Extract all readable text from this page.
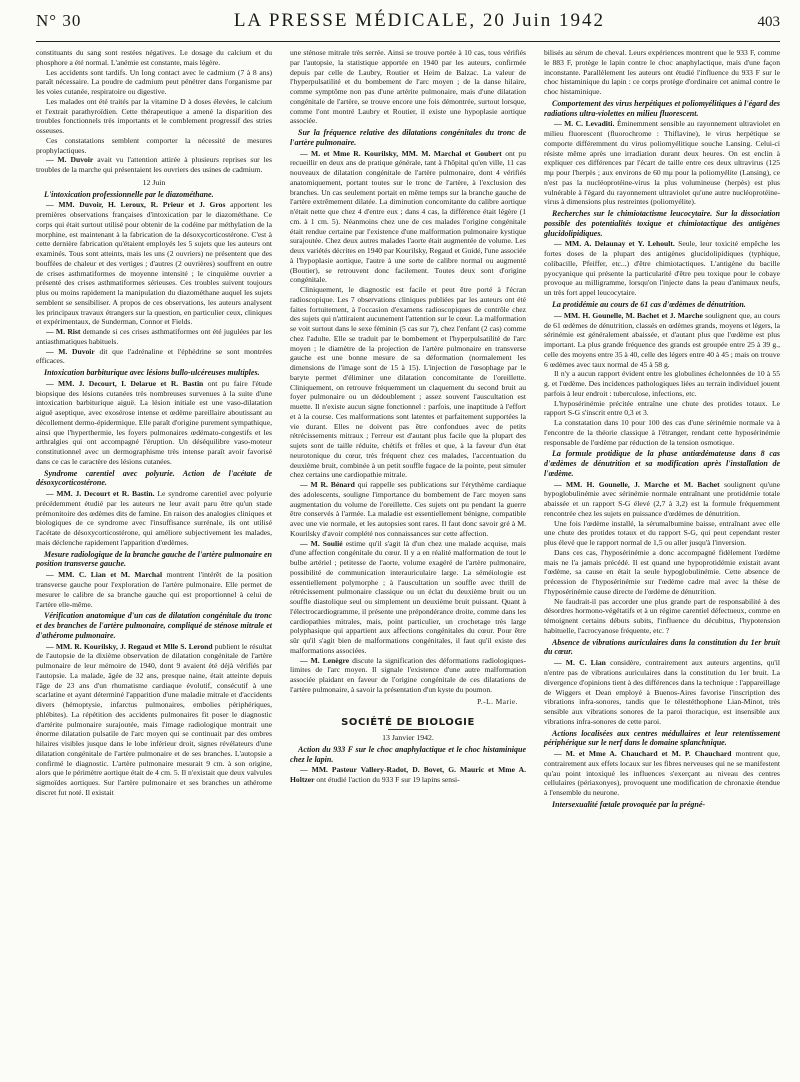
N° 30	LA PRESSE MÉDICALE, 20 Juin 1942	403

constituants du sang sont restées négatives. Le dosage du calcium et du phosphore a été normal. L'anémie est constante, mais légère.

Les accidents sont tardifs. Un long contact avec le cadmium (7 à 8 ans) paraît nécessaire. La poudre de cadmium peut pénétrer dans l'organisme par les voies cutanée, respiratoire ou digestive.

Les malades ont été traités par la vitamine D à doses élevées, le calcium et l'extrait parathyroïdien. Cette thérapeutique a amené la disparition des troubles fonctionnels très importants et le comblement progressif des stries osseuses.

Ces constatations semblent comporter la nécessité de mesures prophylactiques.

— M. Duvoir avait vu l'attention attirée à plusieurs reprises sur les troubles de la marche qui présentaient les ouvriers des usines de cadmium.

12 Juin
L'intoxication professionnelle par le diazométhane.

— MM. Duvoir, H. Leroux, R. Prieur et J. Gros apportent les premières observations françaises d'intoxication par le diazométhane. Ce corps qui était surtout utilisé pour obtenir de la codéine par méthylation de la morphine, est maintenant à la fabrication de la désoxycorticostérone. C'est à cette dernière fabrication qu'étaient employés les 5 sujets que les auteurs ont examinés. Tous sont atteints, mais les uns (2 ouvriers) ne présentent que des bouffées de chaleur et des vertiges ; d'autres (2 ouvrières) souffrent en outre de crises asthmatiformes de moyenne intensité ; le cinquième ouvrier a présenté des crises asthmatiformes sérieuses. Ces troubles suivent toujours plus ou moins rapidement la manipulation du diazométhane auquel les sujets semblent se sensibiliser. A propos de ces observations, les auteurs analysent les principaux travaux étrangers sur la question, en particulier ceux, cliniques et expérimentaux, de Sunderman, Connor et Fields.

— M. Rist demande si ces crises asthmatiformes ont été jugulées par les antiasthmatiques habituels.

— M. Duvoir dit que l'adrénaline et l'éphédrine se sont montrées efficaces.

Intoxication barbiturique avec lésions bullo-ulcéreuses multiples.

— MM. J. Decourt, I. Delarue et R. Bastin ont pu faire l'étude biopsique des lésions cutanées très nombreuses survenues à la suite d'une intoxication barbiturique aiguë. La lésion initiale est une vaso-dilatation aiguë aseptique, avec exosérose intense et œdème pareillaire aboutissant au décollement dermo-épidermique. Elle paraît d'origine purement sympathique, ainsi que l'hyperthermie, les foyers pulmonaires œdémato-congestifs et les arthralgies qui ont accompagné l'éruption. Un déséquilibre vaso-moteur constitutionnel avec un dermographisme très intense paraît avoir favorisé dans ce cas le caractère des lésions cutanées.

Syndrome carentiel avec polyurie. Action de l'acétate de désoxycorticostérone.

— MM. J. Decourt et R. Bastin. Le syndrome carentiel avec polyurie précédemment étudié par les auteurs ne leur avait paru être qu'un stade prémonitoire des œdèmes dits de famine. En raison des analogies cliniques et biologiques de ce syndrome avec l'insuffisance surrénale, ils ont utilisé l'acétate de désoxycorticostérone, qui améliore subjectivement les malades, mais déclenche rapidement l'apparition d'œdèmes.

Mesure radiologique de la branche gauche de l'artère pulmonaire en position transverse gauche.

— MM. C. Lian et M. Marchal montrent l'intérêt de la position transverse gauche pour l'exploration de l'artère pulmonaire. Elle permet de mesurer le calibre de sa branche gauche qui est proportionnel à celui de l'artère elle-même.

Vérification anatomique d'un cas de dilatation congénitale du tronc et des branches de l'artère pulmonaire, compliqué de sténose mitrale et d'athérome pulmonaire.

— MM. R. Kourilsky, J. Regaud et Mlle S. Lerond publient le résultat de l'autopsie de la dixième observation de dilatation congénitale de l'artère pulmonaire de leur mémoire de 1940, dont 9 avaient été déjà vérifiés par l'autopsie. La malade, âgée de 32 ans, presque naine, était atteinte depuis l'âge de 23 ans d'un rhumatisme cardiaque évolutif, consécutif à une scarlatine et ayant déterminé l'apparition d'une maladie mitrale et d'accidents divers (hémoptysie, infarctus pulmonaires, embolies périphériques, phlébites). La répétition des accidents pulmonaires fit poser le diagnostic d'artérite pulmonaire surajoutée, mais l'image radiologique montrait une énorme dilatation pulsatile de l'arc moyen qui se continuait par des ombres hilaires visibles jusque dans le lobe inférieur droit, signes révélateurs d'une dilatation congénitale de l'artère pulmonaire et de ses branches. L'autopsie a confirmé le diagnostic. L'artère pulmonaire mesurait 9 cm. à son origine, alors que le périmètre aortique était de 4 cm. 5. Il n'existait que deux valvules sigmoïdes aortiques. Sur l'artère pulmonaire et ses branches un athérome discret fut noté. Il existait

une sténose mitrale très serrée. Ainsi se trouve portée à 10 cas, tous vérifiés par l'autopsie, la statistique apportée en 1940 par les auteurs, confirmée depuis par celle de Laubry, Routier et Heim de Balzac. La valeur de l'hyperpulsatilité et du bombement de l'arc moyen ; de la danse hilaire, comme symptôme non pas d'une artérite pulmonaire, mais d'une dilatation congénitale de l'artère, se trouve encore une fois démontrée, surtout lorsque, comme l'ont montré Laubry et Routier, il existe une hypoplasie aortique associée.

Sur la fréquence relative des dilatations congénitales du tronc de l'artère pulmonaire.

— M. et Mme R. Kourilsky, MM. M. Marchal et Goubert ont pu recueillir en deux ans de pratique générale, tant à l'hôpital qu'en ville, 11 cas nouveaux de dilatation congénitale de l'artère pulmonaire, dont 4 vérifiés anatomiquement, portant toutes sur le tronc de l'artère, à l'exclusion des branches. Un cas seulement portait en même temps sur la branche gauche de l'artère extrêmement dilatée. La diminution concomitante du calibre aortique n'était nette que chez 4 d'entre eux ; dans 4 cas, la différence était légère (1 cm. à 1 cm. 5). Néanmoins chez une de ces malades l'origine congénitale était rendue certaine par l'existence d'une malformation pulmonaire kystique surajoutée. Chez deux autres malades l'aorte était augmentée de volume. Les deux variétés décrites en 1940 par Kourilsky, Regaud et Guidé, l'une associée à l'hypoplasie aortique, l'autre à une sorte de calibre normal ou augmenté (Boutier), se retrouvent donc facilement. Toutes deux sont d'origine congénitale.

Cliniquement, le diagnostic est facile et peut être porté à l'écran radioscopique. Les 7 observations cliniques publiées par les auteurs ont été faites fortuitement, à l'occasion d'examens radioscopiques de contrôle chez des sujets qui n'attiraient aucunement l'attention sur le cœur. La malformation se voit surtout dans le sexe féminin (5 cas sur 7), chez l'enfant (2 cas) comme chez l'adulte. Elle se traduit par le bombement et l'hyperpulsatilité de l'arc moyen ; le diamètre de la projection de l'artère pulmonaire en transverse gauche est une bonne mesure de sa déformation (normalement les dimensions de l'image sont de 15 à 15). L'injection de l'œsophage par le baryte permet d'éliminer une dilatation concomitante de l'oreillette. Cliniquement, on retrouve fréquemment un claquement du second bruit au foyer pulmonaire ou un dédoublement ; assez souvent l'auscultation est muette. Il n'existe aucun signe fonctionnel : parfois, une inaptitude à l'effort et à la course. Ces malformations sont latentes et parfaitement supportées la vie durant. Elles ne doivent pas être confondues avec de petits rétrécissements mitraux ; l'erreur est d'autant plus facile que la plupart des sujets sont de taille réduite, chétifs et frêles et que, à la faveur d'un état neurotonique du cœur, très fréquent chez ces malades, l'accentuation du deuxième bruit, combinée à un petit souffle fugace de la pointe, peut simuler chez certains une cardiopathie mitrale.

— M R. Bénard qui rappelle ses publications sur l'érythème cardiaque des adolescents, souligne l'importance du bombement de l'arc moyen sans augmentation du volume de l'oreillette. Ces sujets ont pu pendant la guerre être conservés à l'armée. La maladie est essentiellement bénigne, compatible avec une vie normale, et les autopsies sont rares. Il faut donc savoir gré à M. Kourilsky d'avoir complété nos connaissances sur cette affection.

— M. Soulié estime qu'il s'agit là d'un chez une malade acquise, mais d'une affection congénitale du cœur. Il y a en réalité malformation de tout le bulbe artériel ; petitesse de l'aorte, volume exagéré de l'artère pulmonaire, possibilité de communication interauriculaire large. La séméiologie est essentiellement polymorphe ; à l'auscultation un souffle avec thrill de rétrécissement pulmonaire classique ou un éclat du deuxième bruit ou un souffle diastolique seul ou simplement un deuxième bruit puissant. Quant à l'électrocardiogramme, il présente une prépondérance droite, comme dans les cardiopathies mitrales, mais, point particulier, un crochetage très large polyphasique qui appartient aux affections congénitales du cœur. Pour être sûr qu'il s'agit bien de malformations congénitales, il faut qu'il existe des malformations associées.

— M. Lenègre discute la signification des déformations radiologiques-limites de l'arc moyen. Il signale l'existence d'une autre malformation associée plaidant en faveur de l'origine congénitale de ces dilatations de l'artère pulmonaire, à savoir la présentation d'un kyste du poumon.

P.-L. Marie.
SOCIÉTÉ DE BIOLOGIE
13 Janvier 1942.
Action du 933 F sur le choc anaphylactique et le choc histaminique chez le lapin.

— MM. Pasteur Vallery-Radot, D. Bovet, G. Mauric et Mme A. Holtzer ont étudié l'action du 933 F sur 19 lapins sensi-

bilisés au sérum de cheval. Leurs expériences montrent que le 933 F, comme le 883 F, protège le lapin contre le choc anaphylactique, mais d'une façon inconstante. Parallèlement les auteurs ont étudié l'influence du 933 F sur le choc histaminique du lapin : ce corps protège d'ordinaire cet animal contre le choc histaminique.

Comportement des virus herpétiques et poliomyélitiques à l'égard des radiations ultra-violettes en milieu fluorescent.

— M. C. Levaditi. Éminemment sensible au rayonnement ultraviolet en milieu fluorescent (fluorochrome : Thiflavine), le virus herpétique se comporte différemment du virus poliomyélitique souche Lansing. Celui-ci résiste même après une irradiation durant deux heures. On est enclin à expliquer ces différences par l'écart de taille entre ces deux ultravirus (125 mμ pour l'herpès ; aux environs de 60 mμ pour la poliomyélite (Lansing), ce n'est pas la nucléoprotéine-virus la plus volumineuse (herpès) est plus vulnérable à l'égard du rayonnement ultraviolet qu'une autre nucléoprotéine-virus à dimensions plus restreintes (poliomyélite).

Recherches sur le chimiotactisme leucocytaire. Sur la dissociation possible des potentialités toxique et chimiotactique des antigènes glucidolipidiques.

— MM. A. Delaunay et Y. Lehoult. Seule, leur toxicité empêche les fortes doses de la plupart des antigènes glucidolipidiques (typhique, colibacille, Pfeiffer, etc...) d'être chimiotactiques. L'antigène du bacille pyocyanique qui présente la particularité d'être peu toxique pour le cobaye provoque au milligramme, lorsqu'on l'injecte dans la peau d'animaux neufs, un très fort appel leucocytaire.

La protidémie au cours de 61 cas d'œdèmes de dénutrition.

— MM. H. Gounelle, M. Bachet et J. Marche soulignent que, au cours de 61 œdèmes de dénutrition, classés en œdèmes grands, moyens et légers, la sérinémie est généralement abaissée, et d'autant plus que l'œdème est plus important. La plus grande fréquence des grands est groupée entre 25 à 39 g., celle des moyens entre 35 à 40, celle des légers entre 40 à 45 ; mais on trouve 6 œdèmes avec taux normal de 45 à 58 g.

Il n'y a aucun rapport évident entre les globulines échelonnées de 10 à 55 g. et l'œdème. Des incidences pathologiques liées au terrain individuel jouent parfois à leur endroit : tuberculose, infections, etc.

L'hyposérinémie précitée entraîne une chute des protides totaux. Le rapport S-G s'inscrit entre 0,3 et 3.

La constatation dans 10 pour 100 des cas d'une sérinémie normale va à l'encontre de la théorie classique à l'étranger, rendant cette hyposérinémie responsable de l'œdème par réduction de la tension osmotique.

La formule protidique de la phase antiœdémateuse dans 8 cas d'œdèmes de dénutrition et sa modification après l'installation de l'œdème.

— MM. H. Gounelle, J. Marche et M. Bachet soulignent qu'une hypoglobulinémie avec sérinémie normale entraînant une protidémie totale abaissée et un rapport S-G élevé (2,7 à 3,2) est la formule fréquemment rencontrée chez les sujets en puissance d'œdèmes de dénutrition.

Une fois l'œdème installé, la sérumalbumine baisse, entraînant avec elle une chute des protides totaux et du rapport S-G, qui peut cependant rester plus élevé que le rapport normal de 1,5 ou aller jusqu'à l'inversion.

Dans ces cas, l'hyposérinémie a donc accompagné fidèlement l'œdème mais ne l'a jamais précédé. Il est quand une hypoprotidémie existait avant l'œdème, sa cause en était la seule hypoglobulinémie. Cette absence de précession de l'hyposérinémie sur l'œdème cadre mal avec la thèse de l'hyposérinémie cause directe de l'œdème de dénutrition.

Ne faudrait-il pas accorder une plus grande part de responsabilité à des désordres hormono-végétatifs et à un régime carentiel défectueux, comme en témoignent certains débuts subits, l'influence du décubitus, l'hypotension habituelle, l'acrocyanose fréquente, etc. ?

Absence de vibrations auriculaires dans la constitution du 1er bruit du cœur.

— M. C. Lian considère, contrairement aux auteurs argentins, qu'il n'entre pas de vibrations auriculaires dans la constitution du 1er bruit. La divergence d'opinions tient à des différences dans la technique : l'appareillage de Wiggers et Dean employé à Buenos-Aires favorise l'inscription des vibrations infra-sonores, tandis que le télestéthophone Lian-Minot, très sensible aux vibrations sonores de la paroi thoracique, est insensible aux vibrations infra-sonores de cette paroi.

Actions localisées aux centres médullaires et leur retentissement périphérique sur le nerf dans le domaine splanchnique.

— M. et Mme A. Chauchard et M. P. Chauchard montrent que, contrairement aux effets locaux sur les fibres nerveuses qui ne se manifestent qu'au point intoxiqué les influences s'exerçant au niveau des centres cellulaires (périaxonyes), provoquent une modification de chronaxie étendue à l'ensemble du neurone.

Intersexualité fœtale provoquée par la prégné-
